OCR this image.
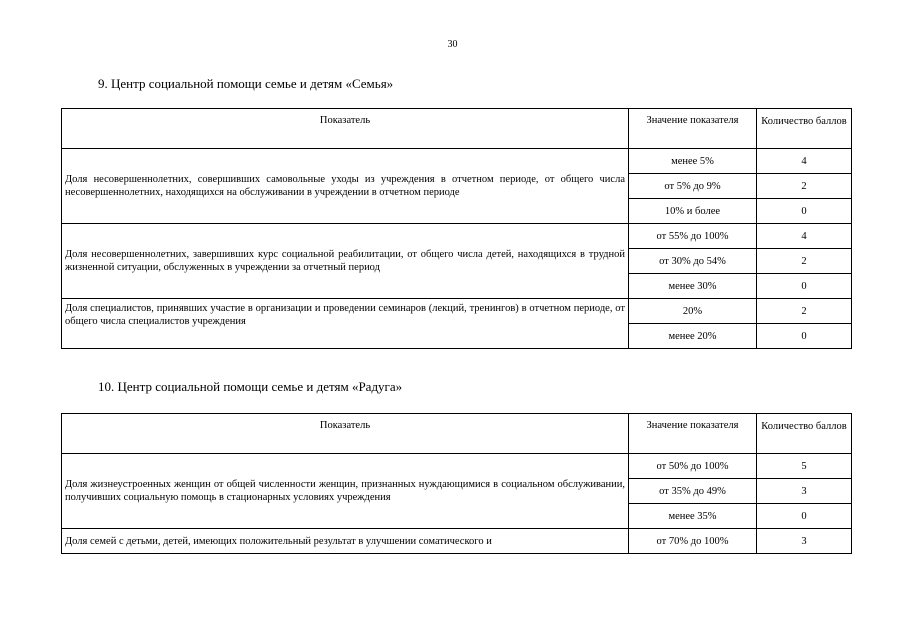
30
9. Центр социальной помощи семье и детям «Семья»
Показатель	Значение показателя	Количество баллов
Доля несовершеннолетних, совершивших самовольные уходы из учреждения в отчетном периоде, от общего числа несовершеннолетних, находящихся на обслуживании в учреждении в отчетном периоде	менее 5%	4
	от 5% до 9%	2
	10% и более	0
Доля несовершеннолетних, завершивших курс социальной реабилитации, от общего числа детей, находящихся в трудной жизненной ситуации, обслуженных в учреждении за отчетный период	от 55% до 100%	4
	от 30% до 54%	2
	менее 30%	0
Доля специалистов, принявших участие в организации и проведении семинаров (лекций, тренингов) в отчетном периоде, от общего числа специалистов учреждения	20%	2
	менее 20%	0
10. Центр социальной помощи семье и детям «Радуга»
Показатель	Значение показателя	Количество баллов
Доля жизнеустроенных женщин от общей численности женщин, признанных нуждающимися в социальном обслуживании, получивших социальную помощь в стационарных условиях учреждения	от 50% до 100%	5
	от 35% до 49%	3
	менее 35%	0
Доля семей с детьми, детей, имеющих положительный результат в улучшении соматического и	от 70% до 100%	3
